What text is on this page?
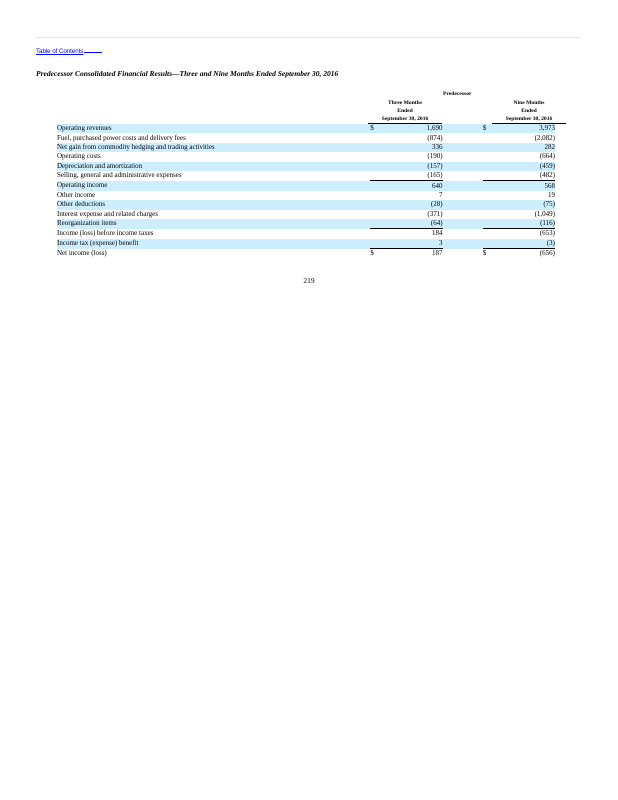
Table of Contents
Predecessor Consolidated Financial Results—Three and Nine Months Ended September 30, 2016
Predecessor
Three Months
Ended
September 30, 2016
Nine Months
Ended
September 30, 2016
Operating revenues	$	1,690		$	3,973
Fuel, purchased power costs and delivery fees		(874)			(2,082)
Net gain from commodity hedging and trading activities		336			282
Operating costs		(190)			(664)
Depreciation and amortization		(157)			(459)
Selling, general and administrative expenses		(165)			(482)
Operating income		640			568
Other income		7			19
Other deductions		(28)			(75)
Interest expense and related charges		(371)			(1,049)
Reorganization items		(64)			(116)
Income (loss) before income taxes		184			(653)
Income tax (expense) benefit		3			(3)
Net income (loss)	$	187		$	(656)
219
